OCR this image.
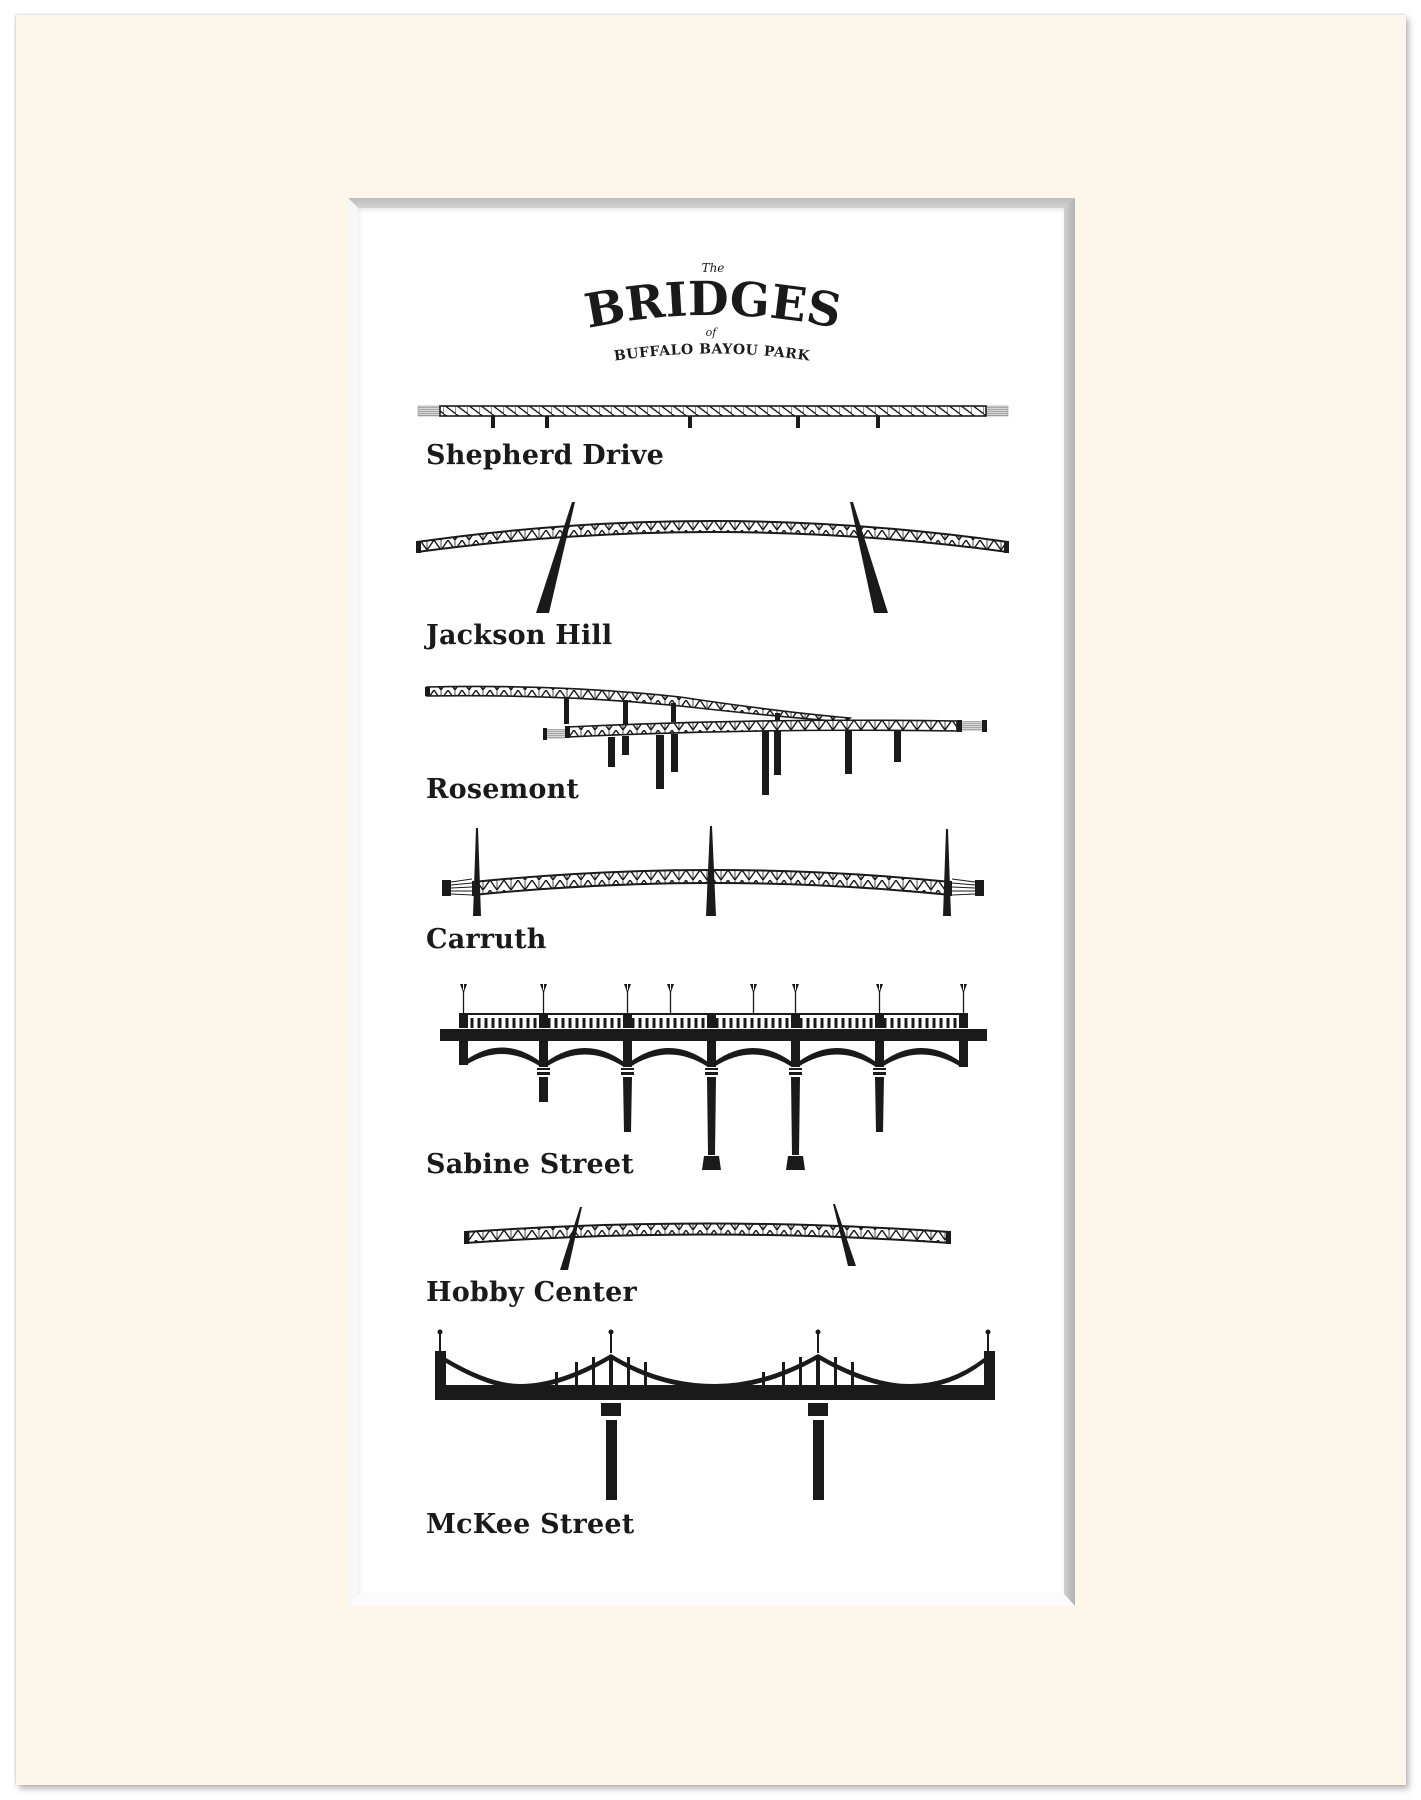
The
BRIDGES
of
BUFFALO BAYOU PARK
Shepherd Drive
Jackson Hill
Rosemont
Carruth
Sabine Street
Hobby Center
McKee Street
